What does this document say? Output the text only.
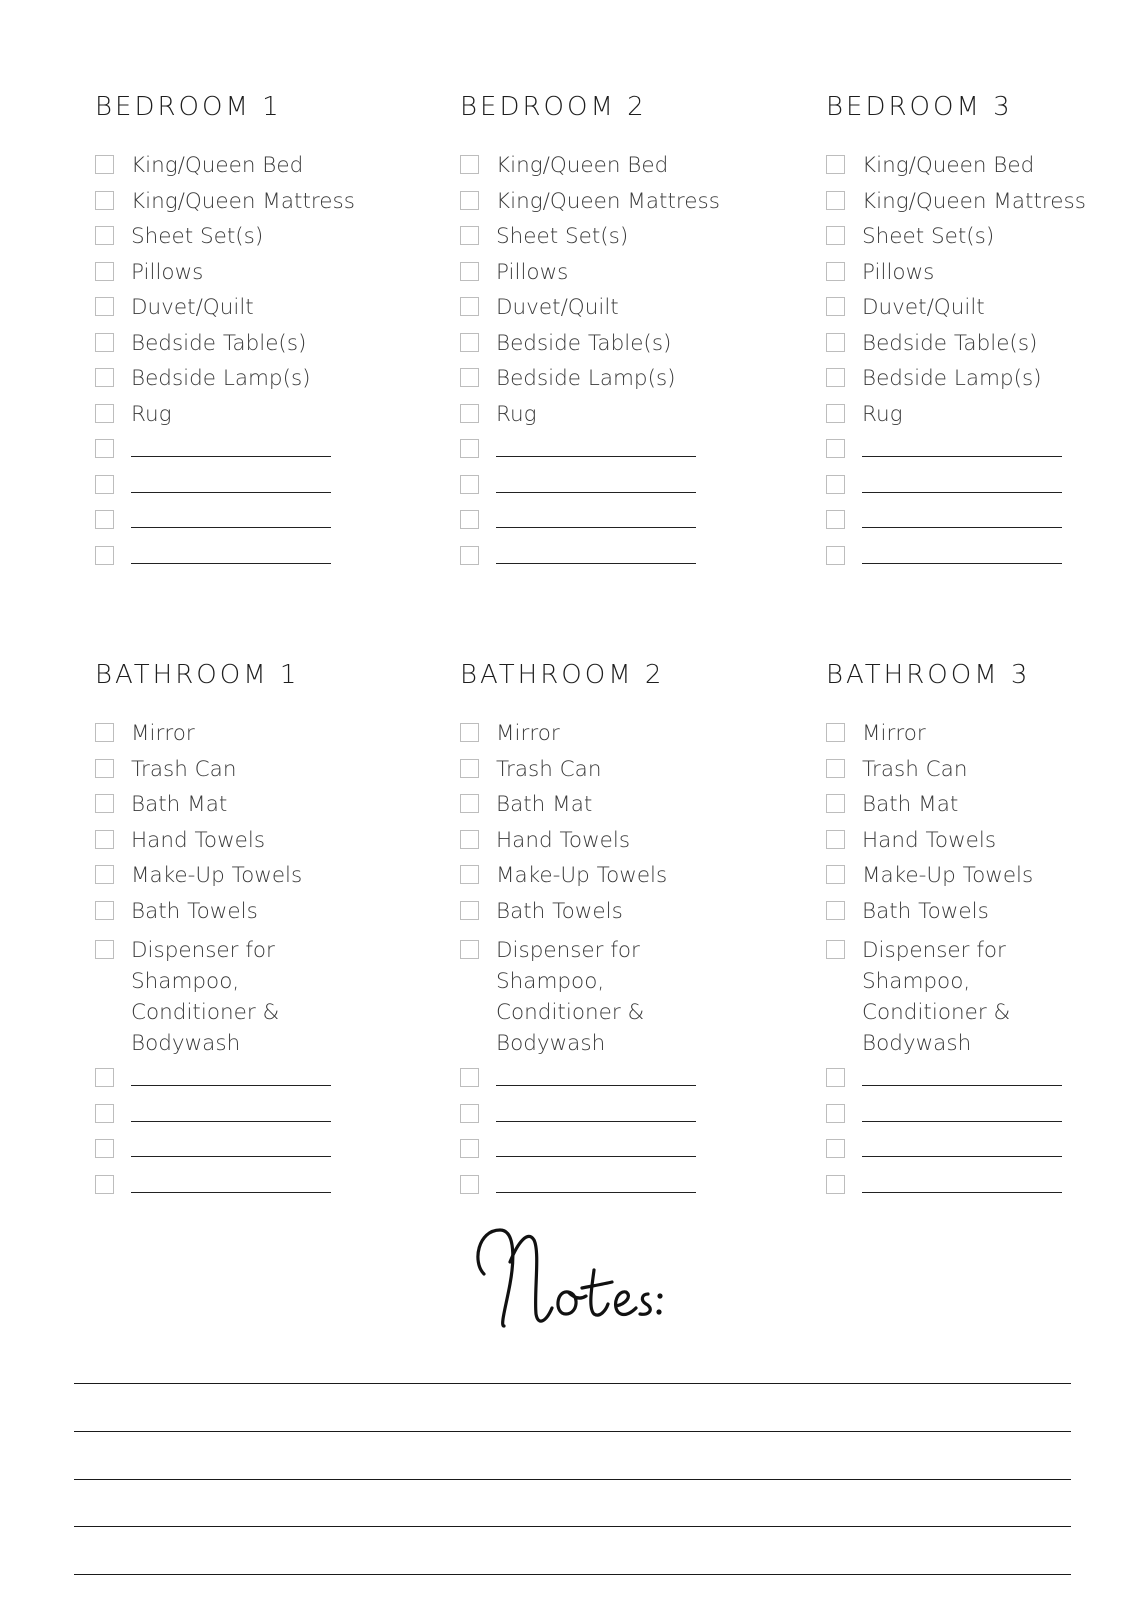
BEDROOM 1
King/Queen Bed
King/Queen Mattress
Sheet Set(s)
Pillows
Duvet/Quilt
Bedside Table(s)
Bedside Lamp(s)
Rug
BEDROOM 2
King/Queen Bed
King/Queen Mattress
Sheet Set(s)
Pillows
Duvet/Quilt
Bedside Table(s)
Bedside Lamp(s)
Rug
BEDROOM 3
King/Queen Bed
King/Queen Mattress
Sheet Set(s)
Pillows
Duvet/Quilt
Bedside Table(s)
Bedside Lamp(s)
Rug
BATHROOM 1
Mirror
Trash Can
Bath Mat
Hand Towels
Make-Up Towels
Bath Towels
Dispenser for
Shampoo,
Conditioner &
Bodywash
BATHROOM 2
Mirror
Trash Can
Bath Mat
Hand Towels
Make-Up Towels
Bath Towels
Dispenser for
Shampoo,
Conditioner &
Bodywash
BATHROOM 3
Mirror
Trash Can
Bath Mat
Hand Towels
Make-Up Towels
Bath Towels
Dispenser for
Shampoo,
Conditioner &
Bodywash
